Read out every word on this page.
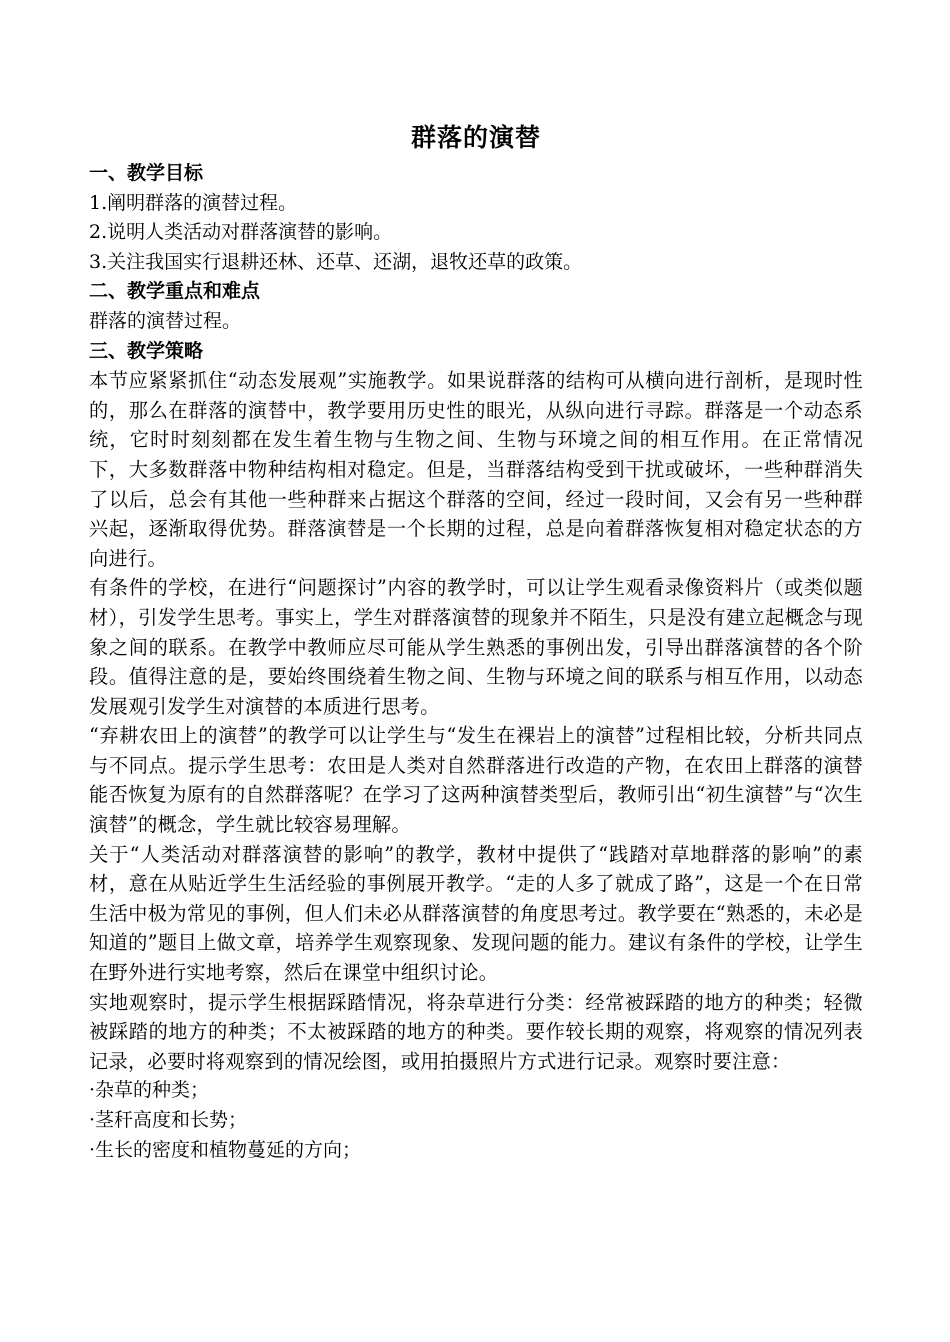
群落的演替
一、教学目标
1.阐明群落的演替过程。
2.说明人类活动对群落演替的影响。
3.关注我国实行退耕还林、还草、还湖，退牧还草的政策。
二、教学重点和难点
群落的演替过程。
三、教学策略

本节应紧紧抓住“动态发展观”实施教学。如果说群落的结构可从横向进行剖析，是现时性的，那么在群落的演替中，教学要用历史性的眼光，从纵向进行寻踪。群落是一个动态系统，它时时刻刻都在发生着生物与生物之间、生物与环境之间的相互作用。在正常情况下，大多数群落中物种结构相对稳定。但是，当群落结构受到干扰或破坏，一些种群消失了以后，总会有其他一些种群来占据这个群落的空间，经过一段时间，又会有另一些种群兴起，逐渐取得优势。群落演替是一个长期的过程，总是向着群落恢复相对稳定状态的方向进行。

有条件的学校，在进行“问题探讨”内容的教学时，可以让学生观看录像资料片（或类似题材），引发学生思考。事实上，学生对群落演替的现象并不陌生，只是没有建立起概念与现象之间的联系。在教学中教师应尽可能从学生熟悉的事例出发，引导出群落演替的各个阶段。值得注意的是，要始终围绕着生物之间、生物与环境之间的联系与相互作用，以动态发展观引发学生对演替的本质进行思考。

“弃耕农田上的演替”的教学可以让学生与“发生在裸岩上的演替”过程相比较，分析共同点与不同点。提示学生思考：农田是人类对自然群落进行改造的产物，在农田上群落的演替能否恢复为原有的自然群落呢？在学习了这两种演替类型后，教师引出“初生演替”与“次生演替”的概念，学生就比较容易理解。

关于“人类活动对群落演替的影响”的教学，教材中提供了“践踏对草地群落的影响”的素材，意在从贴近学生生活经验的事例展开教学。“走的人多了就成了路”，这是一个在日常生活中极为常见的事例，但人们未必从群落演替的角度思考过。教学要在“熟悉的，未必是知道的”题目上做文章，培养学生观察现象、发现问题的能力。建议有条件的学校，让学生在野外进行实地考察，然后在课堂中组织讨论。

实地观察时，提示学生根据踩踏情况，将杂草进行分类：经常被踩踏的地方的种类；轻微被踩踏的地方的种类；不太被踩踏的地方的种类。要作较长期的观察，将观察的情况列表记录，必要时将观察到的情况绘图，或用拍摄照片方式进行记录。观察时要注意：

·杂草的种类；
·茎秆高度和长势；
·生长的密度和植物蔓延的方向；
